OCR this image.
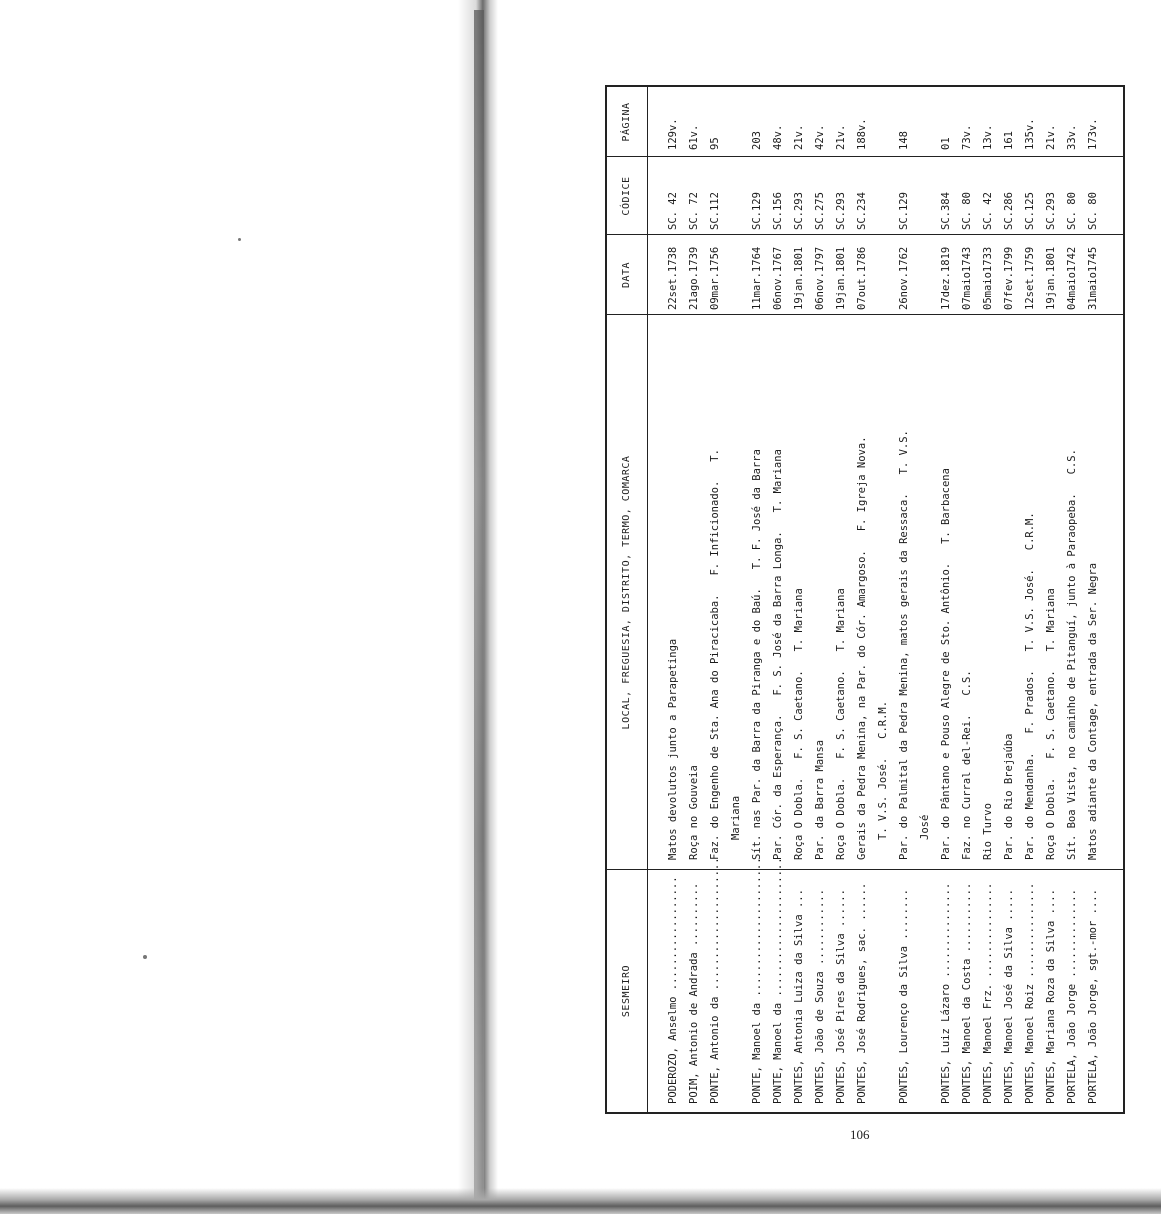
106
SESMEIRO
LOCAL, FREGUESIA, DISTRITO, TERMO, COMARCA
DATA
CÓDICE
PÁGINA
PODEROZO, Anselmo ..................
Matos devolutos junto a Parapetinga
22set.1738
SC. 42
129v.
POIM, Antonio de Andrada ..........
Roça no Gouveia
21ago.1739
SC. 72
61v.
PONTE, Antonio da .....................
Faz. do Engenho de Sta. Ana do Piracicaba.   F. Inficionado.   T.
09mar.1756
SC.112
95
Mariana
PONTE, Manoel da ......................
Sít. nas Par. da Barra da Piranga e do Baú.   T. F. José da Barra
11mar.1764
SC.129
203
PONTE, Manoel da ......................
Par. Cór. da Esperança.   F. S. José da Barra Longa.   T. Mariana
06nov.1767
SC.156
48v.
PONTES, Antonia Luiza da Silva ...
Roça O Dobla.   F. S. Caetano.   T. Mariana
19jan.1801
SC.293
21v.
PONTES, João de Souza ............
Par. da Barra Mansa
06nov.1797
SC.275
42v.
PONTES, José Pires da Silva ......
Roça O Dobla.   F. S. Caetano.   T. Mariana
19jan.1801
SC.293
21v.
PONTES, José Rodrigues, sac. ......
Gerais da Pedra Menina, na Par. do Cór. Amargoso.   F. Igreja Nova.
07out.1786
SC.234
188v.
T. V.S. José.   C.R.M.
PONTES, Lourenço da Silva ........
Par. do Palmital da Pedra Menina, matos gerais da Ressaca.   T. V.S.
26nov.1762
SC.129
148
José
PONTES, Luiz Lázaro ...............
Par. do Pântano e Pouso Alegre de Sto. Antônio.   T. Barbacena
17dez.1819
SC.384
01
PONTES, Manoel da Costa ...........
Faz. no Curral del-Rei.   C.S.
07maio1743
SC. 80
73v.
PONTES, Manoel Frz. ...............
Rio Turvo
05maio1733
SC. 42
13v.
PONTES, Manoel José da Silva .....
Par. do Rio Brejaúba
07fev.1799
SC.286
161
PONTES, Manoel Roiz ...............
Par. do Mendanha.   F. Prados.   T. V.S. José.   C.R.M.
12set.1759
SC.125
135v.
PONTES, Mariana Roza da Silva ....
Roça O Dobla.   F. S. Caetano.   T. Mariana
19jan.1801
SC.293
21v.
PORTELA, João Jorge ..............
Sít. Boa Vista, no caminho de Pitanguí, junto à Paraopeba.   C.S.
04maio1742
SC. 80
33v.
PORTELA, João Jorge, sgt.-mor ....
Matos adiante da Contage, entrada da Ser. Negra
31maio1745
SC. 80
173v.
